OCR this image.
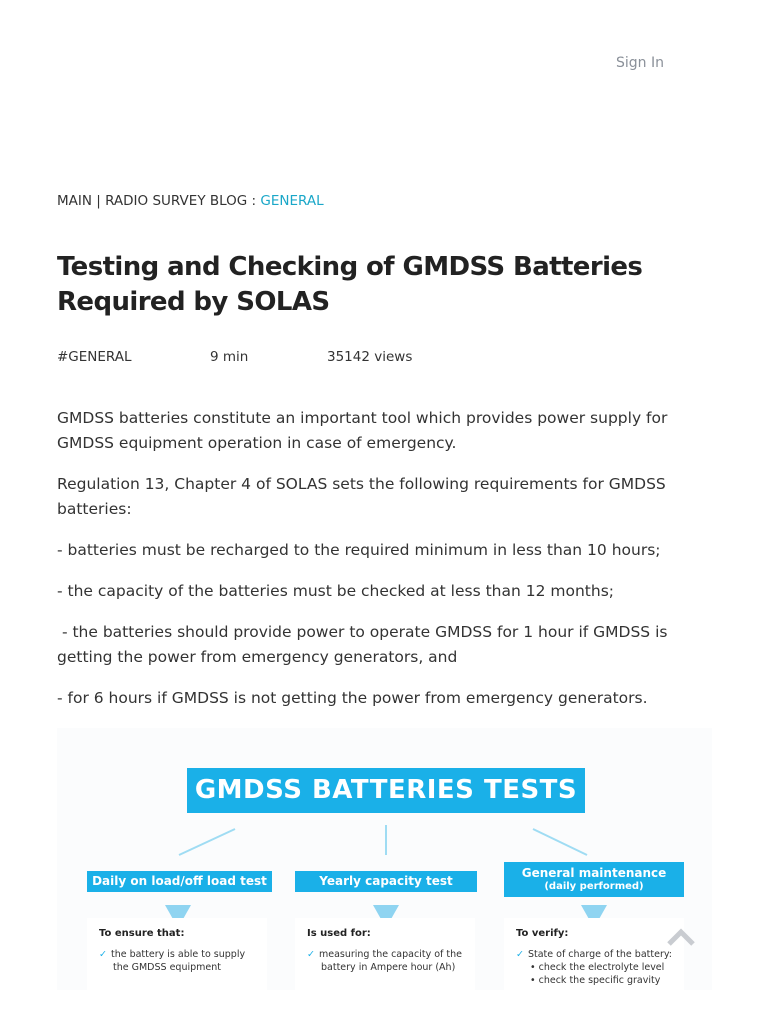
Sign In
MAIN | RADIO SURVEY BLOG : GENERAL
Testing and Checking of GMDSS Batteries Required by SOLAS
#GENERAL	9 min	35142 views

GMDSS batteries constitute an important tool which provides power supply for GMDSS equipment operation in case of emergency.

Regulation 13, Chapter 4 of SOLAS sets the following requirements for GMDSS batteries:

- batteries must be recharged to the required minimum in less than 10 hours;

- the capacity of the batteries must be checked at less than 12 months;

- the batteries should provide power to operate GMDSS for 1 hour if GMDSS is getting the power from emergency generators, and

- for 6 hours if GMDSS is not getting the power from emergency generators.

GMDSS BATTERIES TESTS
Daily on load/off load test	Yearly capacity test
General maintenance
(daily performed)
To ensure that:
✓ the battery is able to supply
the GMDSS equipment
Is used for:
✓ measuring the capacity of the
battery in Ampere hour (Ah)
To verify:
✓ State of charge of the battery:
• check the electrolyte level
• check the specific gravity
